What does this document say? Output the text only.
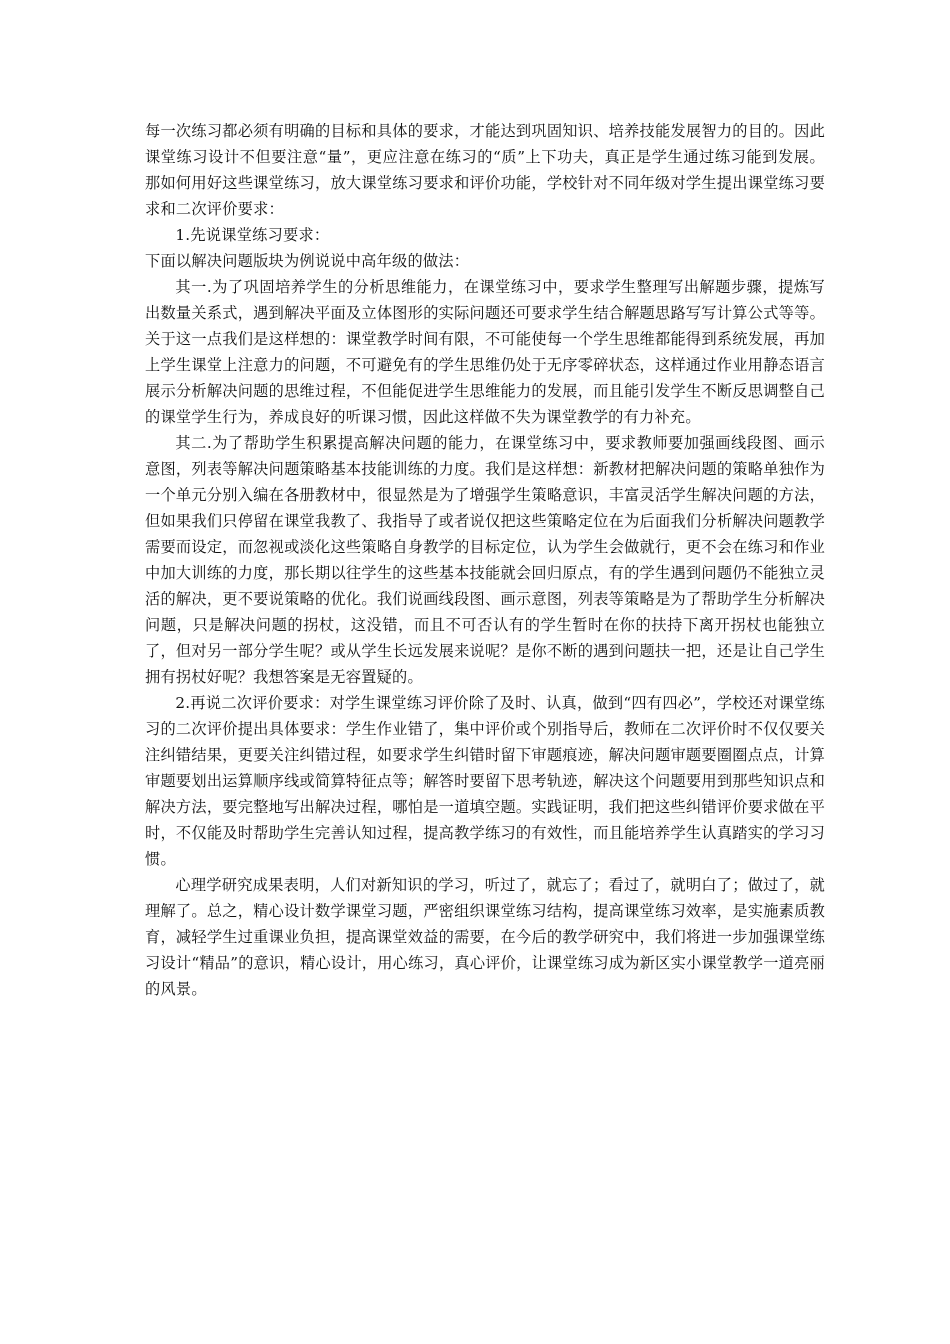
每一次练习都必须有明确的目标和具体的要求，才能达到巩固知识、培养技能发展智力的目的。因此课堂练习设计不但要注意“量”，更应注意在练习的“质”上下功夫，真正是学生通过练习能到发展。那如何用好这些课堂练习，放大课堂练习要求和评价功能，学校针对不同年级对学生提出课堂练习要求和二次评价要求：

1.先说课堂练习要求：

下面以解决问题版块为例说说中高年级的做法：

其一.为了巩固培养学生的分析思维能力，在课堂练习中，要求学生整理写出解题步骤，提炼写出数量关系式，遇到解决平面及立体图形的实际问题还可要求学生结合解题思路写写计算公式等等。关于这一点我们是这样想的：课堂教学时间有限，不可能使每一个学生思维都能得到系统发展，再加上学生课堂上注意力的问题，不可避免有的学生思维仍处于无序零碎状态，这样通过作业用静态语言展示分析解决问题的思维过程，不但能促进学生思维能力的发展，而且能引发学生不断反思调整自己的课堂学生行为，养成良好的听课习惯，因此这样做不失为课堂教学的有力补充。

其二.为了帮助学生积累提高解决问题的能力，在课堂练习中，要求教师要加强画线段图、画示意图，列表等解决问题策略基本技能训练的力度。我们是这样想：新教材把解决问题的策略单独作为一个单元分别入编在各册教材中，很显然是为了增强学生策略意识，丰富灵活学生解决问题的方法，但如果我们只停留在课堂我教了、我指导了或者说仅把这些策略定位在为后面我们分析解决问题教学需要而设定，而忽视或淡化这些策略自身教学的目标定位，认为学生会做就行，更不会在练习和作业中加大训练的力度，那长期以往学生的这些基本技能就会回归原点，有的学生遇到问题仍不能独立灵活的解决，更不要说策略的优化。我们说画线段图、画示意图，列表等策略是为了帮助学生分析解决问题，只是解决问题的拐杖，这没错，而且不可否认有的学生暂时在你的扶持下离开拐杖也能独立了，但对另一部分学生呢？或从学生长远发展来说呢？是你不断的遇到问题扶一把，还是让自己学生拥有拐杖好呢？我想答案是无容置疑的。

2.再说二次评价要求：对学生课堂练习评价除了及时、认真，做到“四有四必”，学校还对课堂练习的二次评价提出具体要求：学生作业错了，集中评价或个别指导后，教师在二次评价时不仅仅要关注纠错结果，更要关注纠错过程，如要求学生纠错时留下审题痕迹，解决问题审题要圈圈点点，计算审题要划出运算顺序线或简算特征点等；解答时要留下思考轨迹，解决这个问题要用到那些知识点和解决方法，要完整地写出解决过程，哪怕是一道填空题。实践证明，我们把这些纠错评价要求做在平时，不仅能及时帮助学生完善认知过程，提高教学练习的有效性，而且能培养学生认真踏实的学习习惯。

心理学研究成果表明，人们对新知识的学习，听过了，就忘了；看过了，就明白了；做过了，就理解了。总之，精心设计数学课堂习题，严密组织课堂练习结构，提高课堂练习效率，是实施素质教育，减轻学生过重课业负担，提高课堂效益的需要，在今后的教学研究中，我们将进一步加强课堂练习设计“精品”的意识，精心设计，用心练习，真心评价，让课堂练习成为新区实小课堂教学一道亮丽的风景。
